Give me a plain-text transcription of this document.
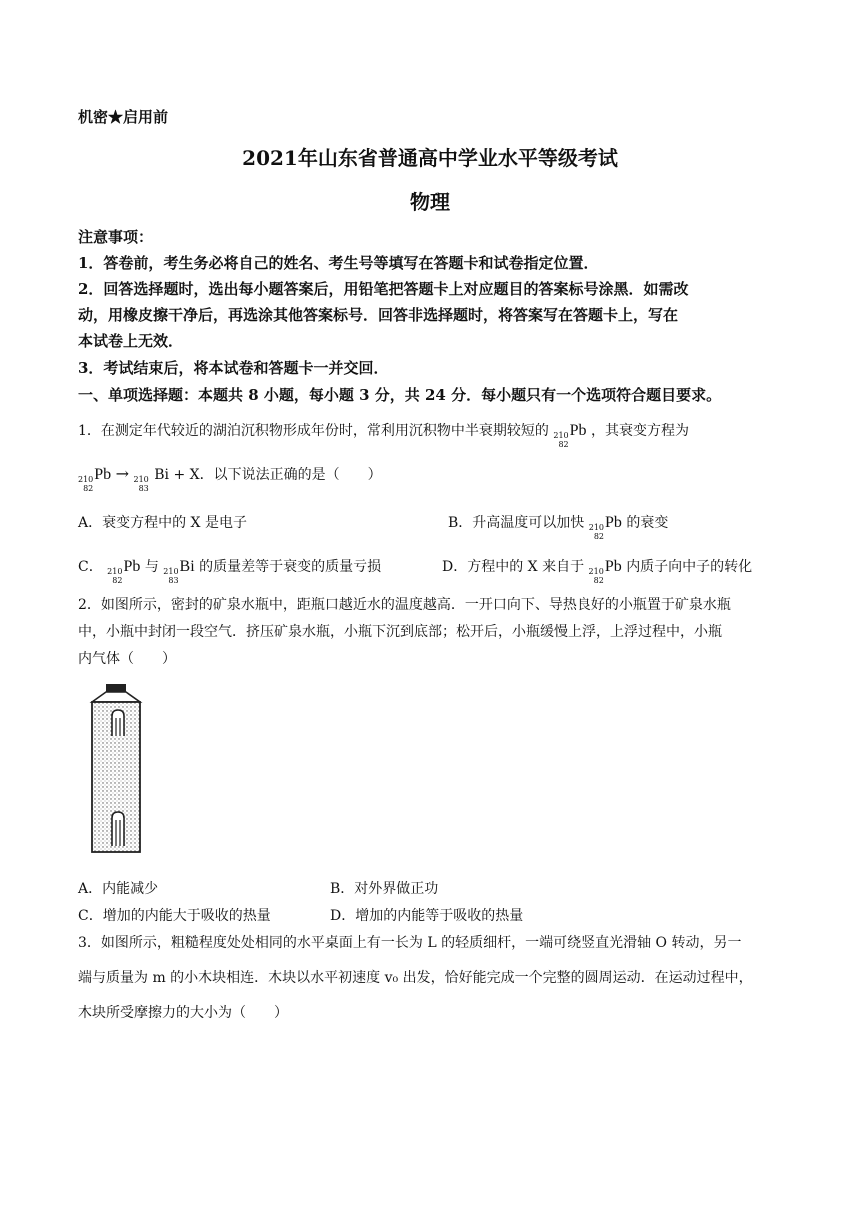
机密★启用前
2021年山东省普通高中学业水平等级考试
物理
注意事项：
1．答卷前，考生务必将自己的姓名、考生号等填写在答题卡和试卷指定位置．
2．回答选择题时，选出每小题答案后，用铅笔把答题卡上对应题目的答案标号涂黑．如需改
动，用橡皮擦干净后，再选涂其他答案标号．回答非选择题时，将答案写在答题卡上，写在
本试卷上无效．
3．考试结束后，将本试卷和答题卡一并交回．
一、单项选择题：本题共 8 小题，每小题 3 分，共 24 分．每小题只有一个选项符合题目要求。
1．在测定年代较近的湖泊沉积物形成年份时，常利用沉积物中半衰期较短的 210
82
Pb ，其衰变方程为
210
82
Pb → 210
83
Bi + X．以下说法正确的是（　　）
A．衰变方程中的 X 是电子	B．升高温度可以加快 210
82
Pb 的衰变
C． 210
82
Pb 与 210
83
Bi 的质量差等于衰变的质量亏损	D．方程中的 X 来自于 210
82
Pb 内质子向中子的转化
2．如图所示，密封的矿泉水瓶中，距瓶口越近水的温度越高．一开口向下、导热良好的小瓶置于矿泉水瓶
中，小瓶中封闭一段空气．挤压矿泉水瓶，小瓶下沉到底部；松开后，小瓶缓慢上浮，上浮过程中，小瓶
内气体（　　）
A．内能减少	B．对外界做正功
C．增加的内能大于吸收的热量	D．增加的内能等于吸收的热量
3．如图所示，粗糙程度处处相同的水平桌面上有一长为 L 的轻质细杆，一端可绕竖直光滑轴 O 转动，另一
端与质量为 m 的小木块相连．木块以水平初速度 v₀ 出发，恰好能完成一个完整的圆周运动．在运动过程中，
木块所受摩擦力的大小为（　　）
